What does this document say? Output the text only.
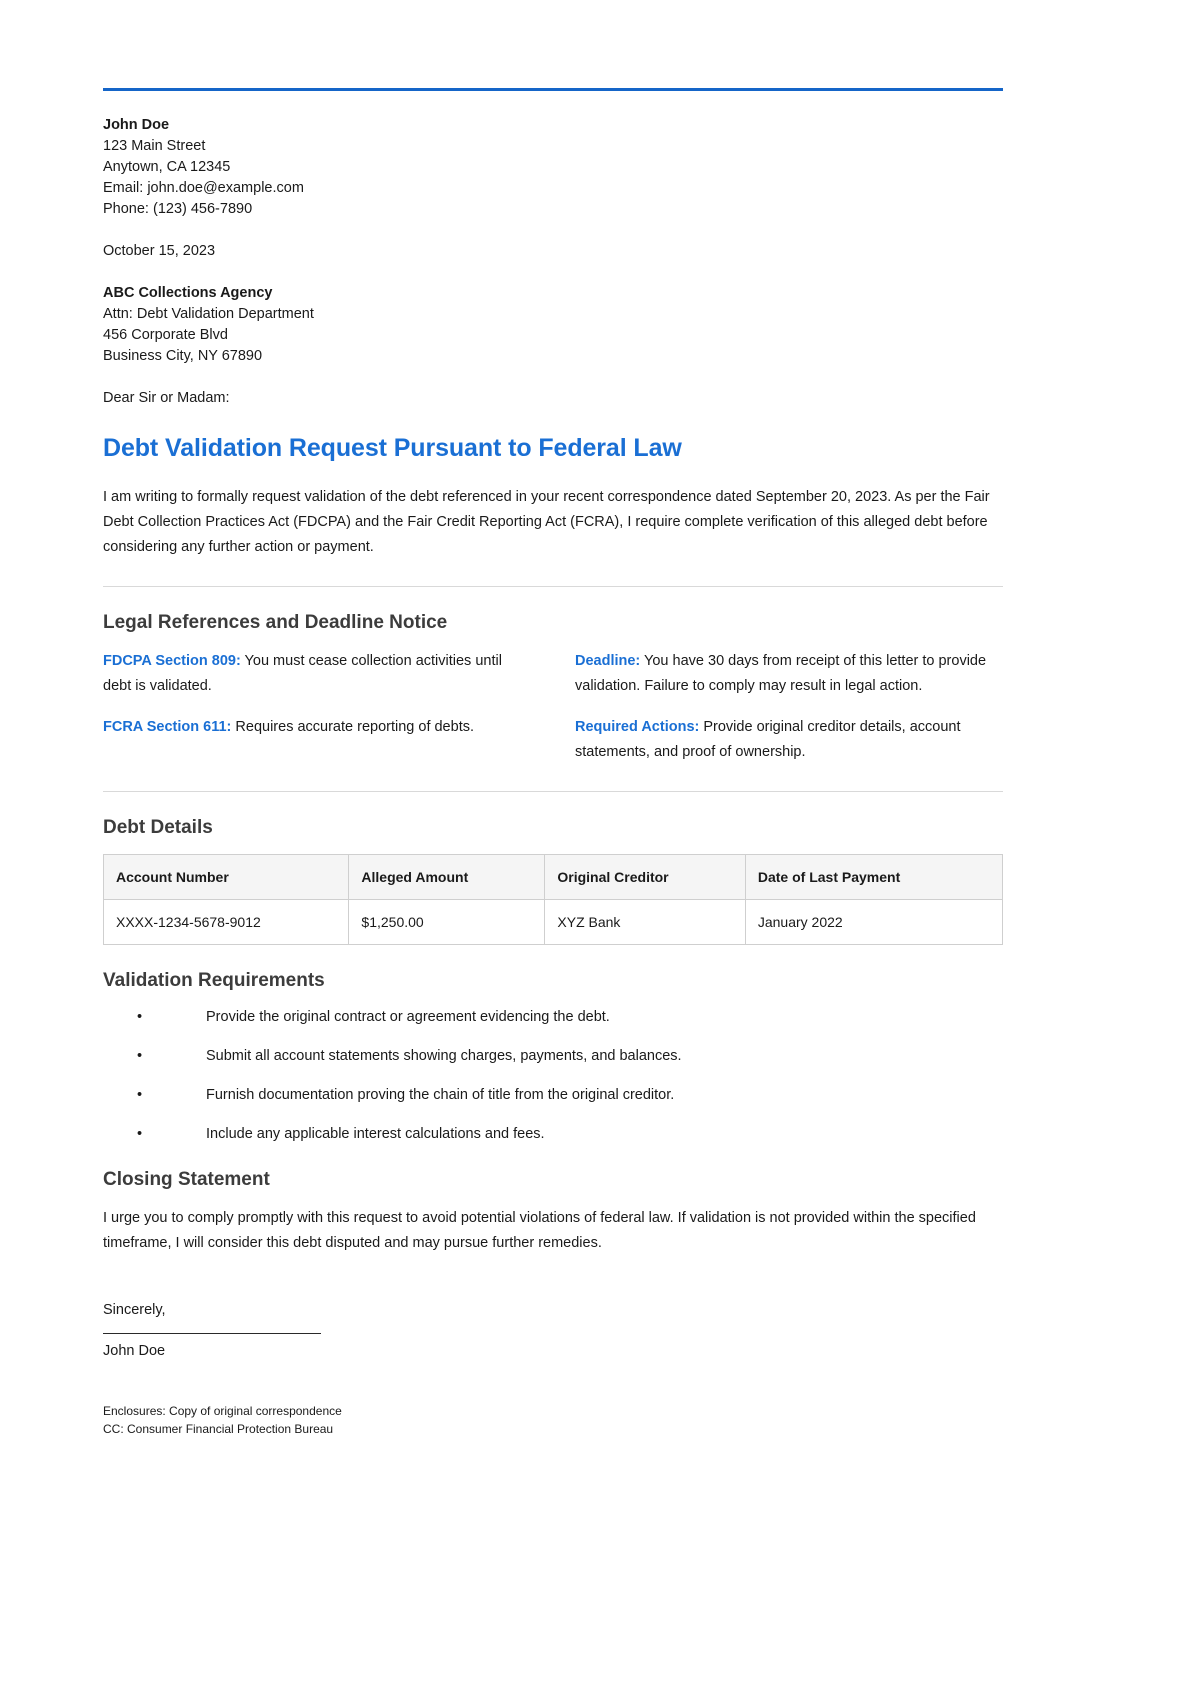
John Doe
123 Main Street
Anytown, CA 12345
Email: john.doe@example.com
Phone: (123) 456-7890
October 15, 2023
ABC Collections Agency
Attn: Debt Validation Department
456 Corporate Blvd
Business City, NY 67890
Dear Sir or Madam:
Debt Validation Request Pursuant to Federal Law

I am writing to formally request validation of the debt referenced in your recent correspondence dated September 20, 2023. As per the Fair Debt Collection Practices Act (FDCPA) and the Fair Credit Reporting Act (FCRA), I require complete verification of this alleged debt before considering any further action or payment.

Legal References and Deadline Notice

FDCPA Section 809: You must cease collection activities until debt is validated.

FCRA Section 611: Requires accurate reporting of debts.

Deadline: You have 30 days from receipt of this letter to provide validation. Failure to comply may result in legal action.

Required Actions: Provide original creditor details, account statements, and proof of ownership.

Debt Details
Account Number	Alleged Amount	Original Creditor	Date of Last Payment
XXXX-1234-5678-9012	$1,250.00	XYZ Bank	January 2022
Validation Requirements
•	Provide the original contract or agreement evidencing the debt.
•	Submit all account statements showing charges, payments, and balances.
•	Furnish documentation proving the chain of title from the original creditor.
•	Include any applicable interest calculations and fees.
Closing Statement

I urge you to comply promptly with this request to avoid potential violations of federal law. If validation is not provided within the specified timeframe, I will consider this debt disputed and may pursue further remedies.

Sincerely,
John Doe
Enclosures: Copy of original correspondence
CC: Consumer Financial Protection Bureau
